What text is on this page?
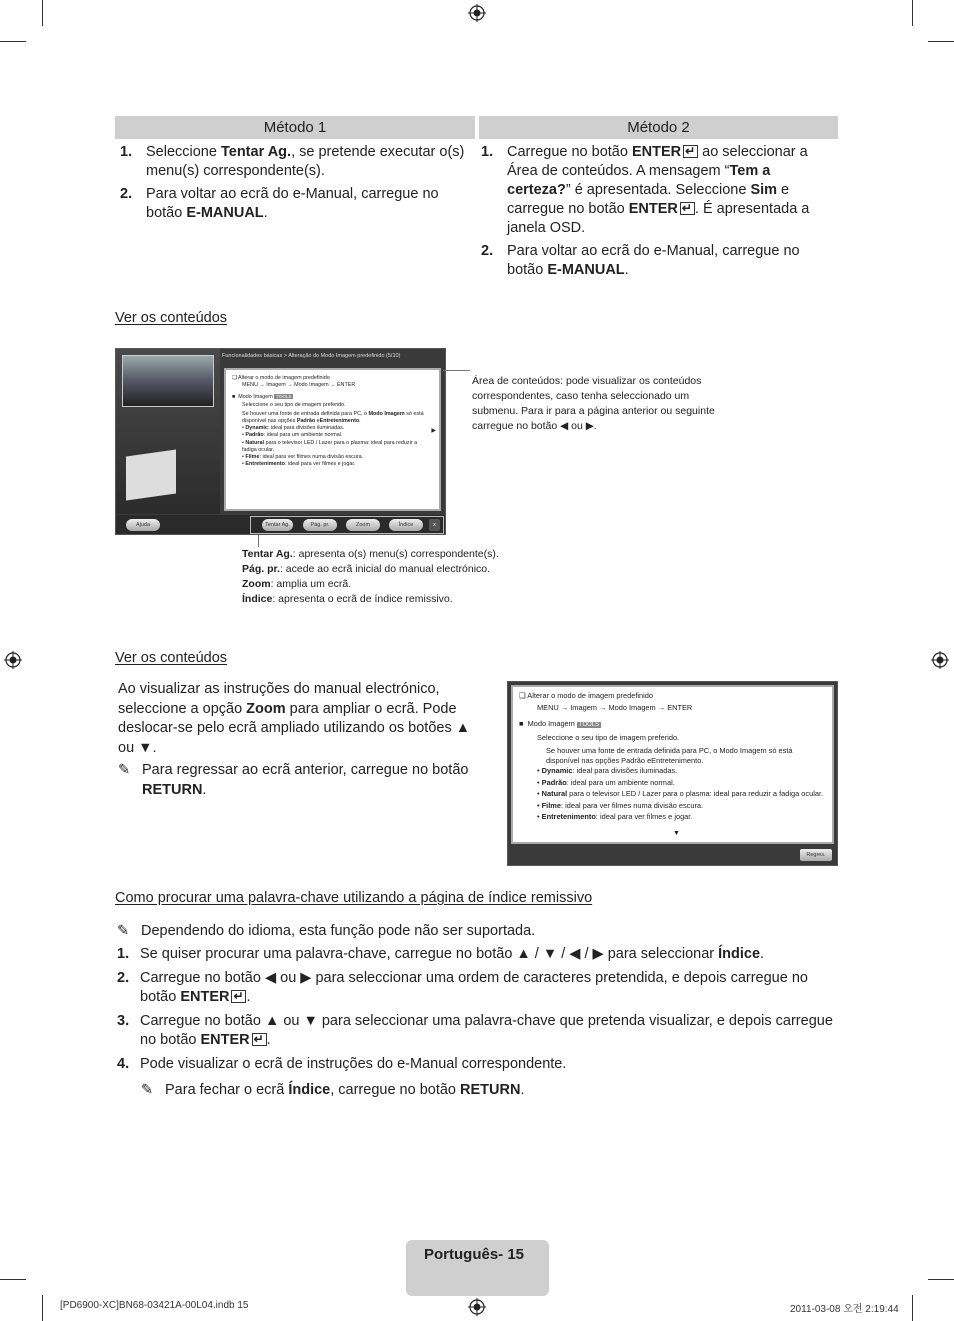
Método 1	Método 2
1. Seleccione Tentar Ag., se pretende executar o(s) menu(s) correspondente(s).
2. Para voltar ao ecrã do e-Manual, carregue no botão E-MANUAL.
1. Carregue no botão ENTER↵ ao seleccionar a Área de conteúdos. A mensagem “Tem a certeza?” é apresentada. Seleccione Sim e carregue no botão ENTER ↵ . É apresentada a janela OSD.
2. Para voltar ao ecrã do e-Manual, carregue no botão E-MANUAL.
Ver os conteúdos
Funcionalidades básicas > Alteração do Modo Imagem predefinido (5/10)
❑ Alterar o modo de imagem predefinido
MENU → Imagem → Modo Imagem → ENTER
■  Modo Imagem TOOLS
Seleccione o seu tipo de imagem preferido.
Se houver uma fonte de entrada definida para PC, o Modo Imagem só está disponível nas opções Padrão eEntretenimento.
• Dynamic: ideal para divisões iluminadas.
• Padrão: ideal para um ambiente normal.
• Natural para o televisor LED / Lazer para o plasma: ideal para reduzir a fadiga ocular.
• Filme: ideal para ver filmes numa divisão escura.
• Entretenimento: ideal para ver filmes e jogar.
▶
Ajuda	Tentar Ag.	Pág. pr.	Zoom	Índice	x
Área de conteúdos: pode visualizar os conteúdos correspondentes, caso tenha seleccionado um submenu. Para ir para a página anterior ou seguinte carregue no botão ◀ ou ▶.
Tentar Ag.: apresenta o(s) menu(s) correspondente(s).
Pág. pr.: acede ao ecrã inicial do manual electrónico.
Zoom: amplia um ecrã.
Índice: apresenta o ecrã de índice remissivo.
Ver os conteúdos
Ao visualizar as instruções do manual electrónico, seleccione a opção Zoom para ampliar o ecrã. Pode deslocar-se pelo ecrã ampliado utilizando os botões ▲ ou ▼.
✎ Para regressar ao ecrã anterior, carregue no botão RETURN.
❑ Alterar o modo de imagem predefinido
MENU → Imagem → Modo Imagem → ENTER
■  Modo Imagem TOOLS
Seleccione o seu tipo de imagem preferido.
Se houver uma fonte de entrada definida para PC, o Modo Imagem só está disponível nas opções Padrão eEntretenimento.
• Dynamic: ideal para divisões iluminadas.
• Padrão: ideal para um ambiente normal.
• Natural para o televisor LED / Lazer para o plasma: ideal para reduzir a fadiga ocular.
• Filme: ideal para ver filmes numa divisão escura.
• Entretenimento: ideal para ver filmes e jogar.
▼
Regres.
Como procurar uma palavra-chave utilizando a página de índice remissivo
✎ Dependendo do idioma, esta função pode não ser suportada.
1. Se quiser procurar uma palavra-chave, carregue no botão ▲ / ▼ / ◀ / ▶ para seleccionar Índice.
2. Carregue no botão ◀ ou ▶ para seleccionar uma ordem de caracteres pretendida, e depois carregue no botão ENTER ↵ .
3. Carregue no botão ▲ ou ▼ para seleccionar uma palavra-chave que pretenda visualizar, e depois carregue no botão ENTER ↵ .
4. Pode visualizar o ecrã de instruções do e-Manual correspondente.
✎ Para fechar o ecrã Índice, carregue no botão RETURN.
Português- 15
[PD6900-XC]BN68-03421A-00L04.indb 15	2011-03-08 오전 2:19:44
